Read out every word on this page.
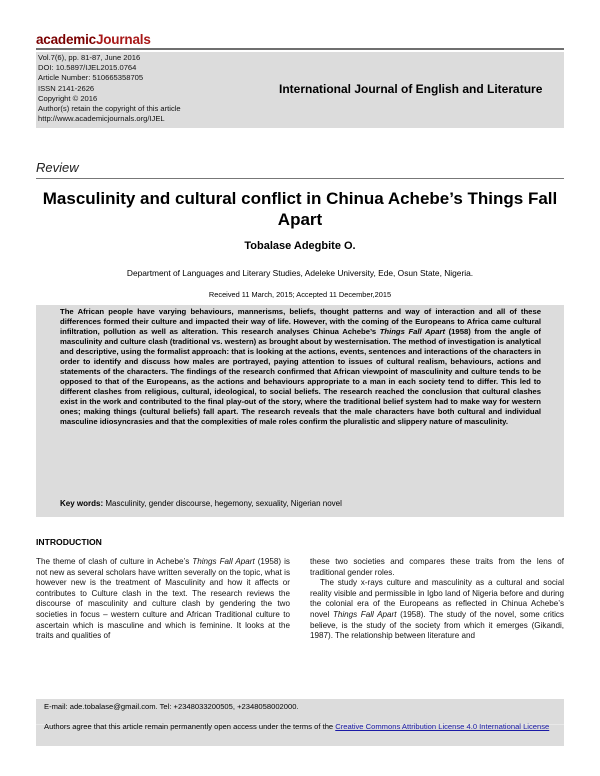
academicJournals
Vol.7(6), pp. 81-87, June 2016
DOI: 10.5897/IJEL2015.0764
Article Number: 510665358705
ISSN 2141-2626
Copyright © 2016
Author(s) retain the copyright of this article
http://www.academicjournals.org/IJEL
International Journal of English and Literature
Review
Masculinity and cultural conflict in Chinua Achebe’s Things Fall Apart
Tobalase Adegbite O.
Department of Languages and Literary Studies, Adeleke University, Ede, Osun State, Nigeria.
Received 11 March, 2015; Accepted 11 December,2015
The African people have varying behaviours, mannerisms, beliefs, thought patterns and way of interaction and all of these differences formed their culture and impacted their way of life. However, with the coming of the Europeans to Africa came cultural infiltration, pollution as well as alteration. This research analyses Chinua Achebe’s Things Fall Apart (1958) from the angle of masculinity and culture clash (traditional vs. western) as brought about by westernisation. The method of investigation is analytical and descriptive, using the formalist approach: that is looking at the actions, events, sentences and interactions of the characters in order to identify and discuss how males are portrayed, paying attention to issues of cultural realism, behaviours, actions and statements of the characters. The findings of the research confirmed that African viewpoint of masculinity and culture tends to be opposed to that of the Europeans, as the actions and behaviours appropriate to a man in each society tend to differ. This led to different clashes from religious, cultural, ideological, to social beliefs. The research reached the conclusion that cultural clashes exist in the work and contributed to the final play-out of the story, where the traditional belief system had to make way for western ones; making things (cultural beliefs) fall apart. The research reveals that the male characters have both cultural and individual masculine idiosyncrasies and that the complexities of male roles confirm the pluralistic and slippery nature of masculinity.
Key words: Masculinity, gender discourse, hegemony, sexuality, Nigerian novel
INTRODUCTION

The theme of clash of culture in Achebe’s Things Fall Apart (1958) is not new as several scholars have written severally on the topic, what is however new is the treatment of Masculinity and how it affects or contributes to Culture clash in the text. The research reviews the discourse of masculinity and culture clash by gendering the two societies in focus – western culture and African Traditional culture to ascertain which is masculine and which is feminine. It looks at the traits and qualities of

these two societies and compares these traits from the lens of traditional gender roles.

The study x-rays culture and masculinity as a cultural and social reality visible and permissible in Igbo land of Nigeria before and during the colonial era of the Europeans as reflected in Chinua Achebe’s novel Things Fall Apart (1958). The study of the novel, some critics believe, is the study of the society from which it emerges (Gikandi, 1987). The relationship between literature and

E-mail: ade.tobalase@gmail.com. Tel: +2348033200505, +2348058002000.
Authors agree that this article remain permanently open access under the terms of the Creative Commons Attribution License 4.0 International License
